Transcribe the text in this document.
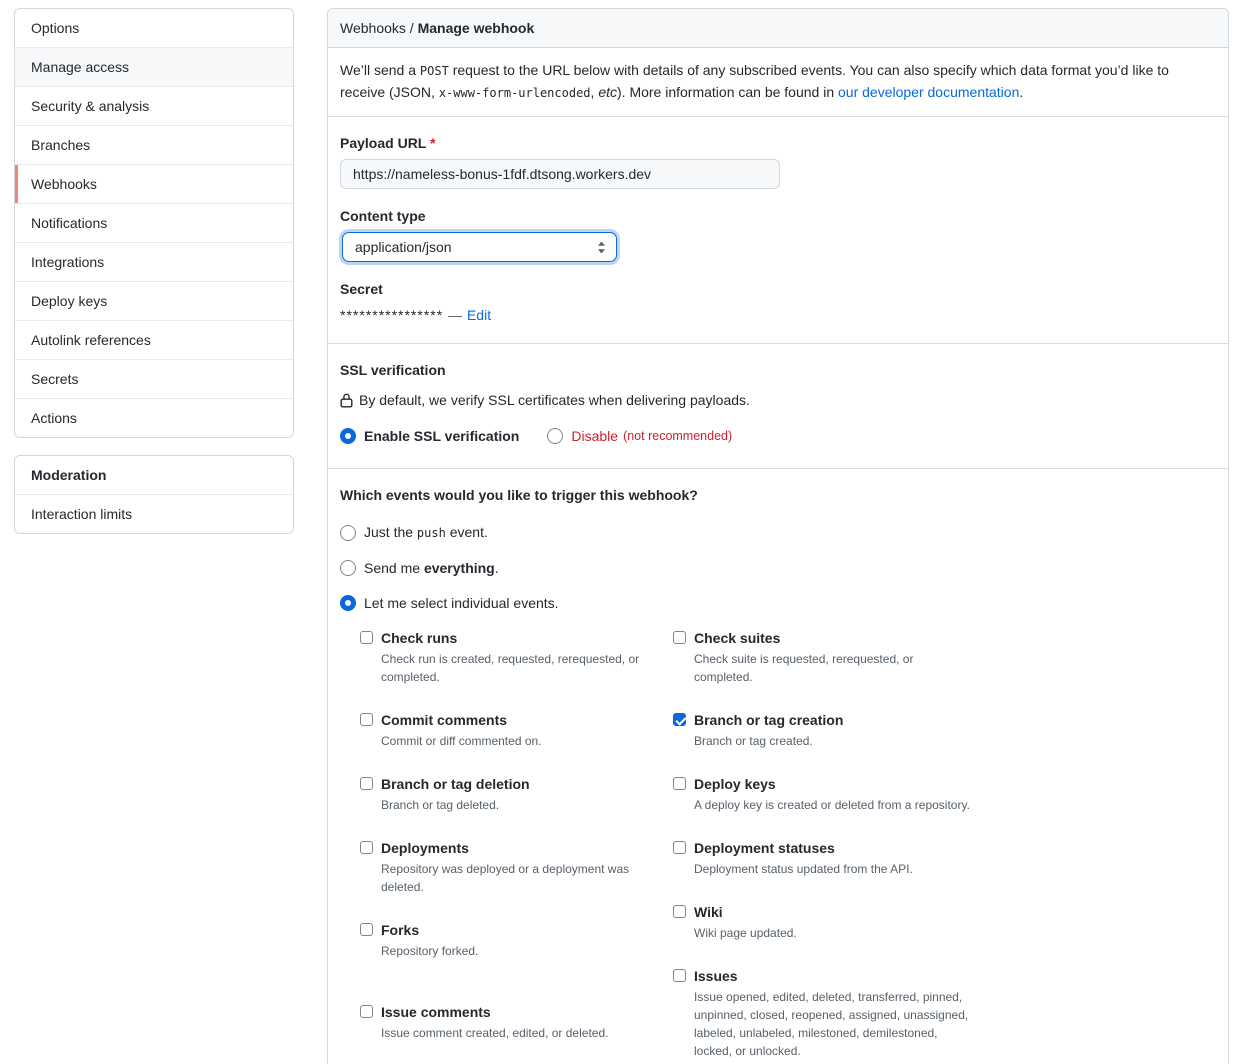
Options
Manage access
Security & analysis
Branches
Webhooks
Notifications
Integrations
Deploy keys
Autolink references
Secrets
Actions
Moderation
Interaction limits
Webhooks / Manage webhook

We’ll send a POST request to the URL below with details of any subscribed events. You can also specify which data format you’d like to receive (JSON, x-www-form-urlencoded, etc). More information can be found in our developer documentation.

Payload URL *
https://nameless-bonus-1fdf.dtsong.workers.dev
Content type
application/json
Secret
**************** — Edit
SSL verification
By default, we verify SSL certificates when delivering payloads.
Enable SSL verification	Disable (not recommended)
Which events would you like to trigger this webhook?
Just the push event.
Send me everything.
Let me select individual events.
Check runs
Check run is created, requested, rerequested, or completed.
Commit comments
Commit or diff commented on.
Branch or tag deletion
Branch or tag deleted.
Deployments
Repository was deployed or a deployment was deleted.
Forks
Repository forked.
Issue comments
Issue comment created, edited, or deleted.
Check suites
Check suite is requested, rerequested, or completed.
Branch or tag creation
Branch or tag created.
Deploy keys
A deploy key is created or deleted from a repository.
Deployment statuses
Deployment status updated from the API.
Wiki
Wiki page updated.
Issues
Issue opened, edited, deleted, transferred, pinned, unpinned, closed, reopened, assigned, unassigned, labeled, unlabeled, milestoned, demilestoned, locked, or unlocked.
